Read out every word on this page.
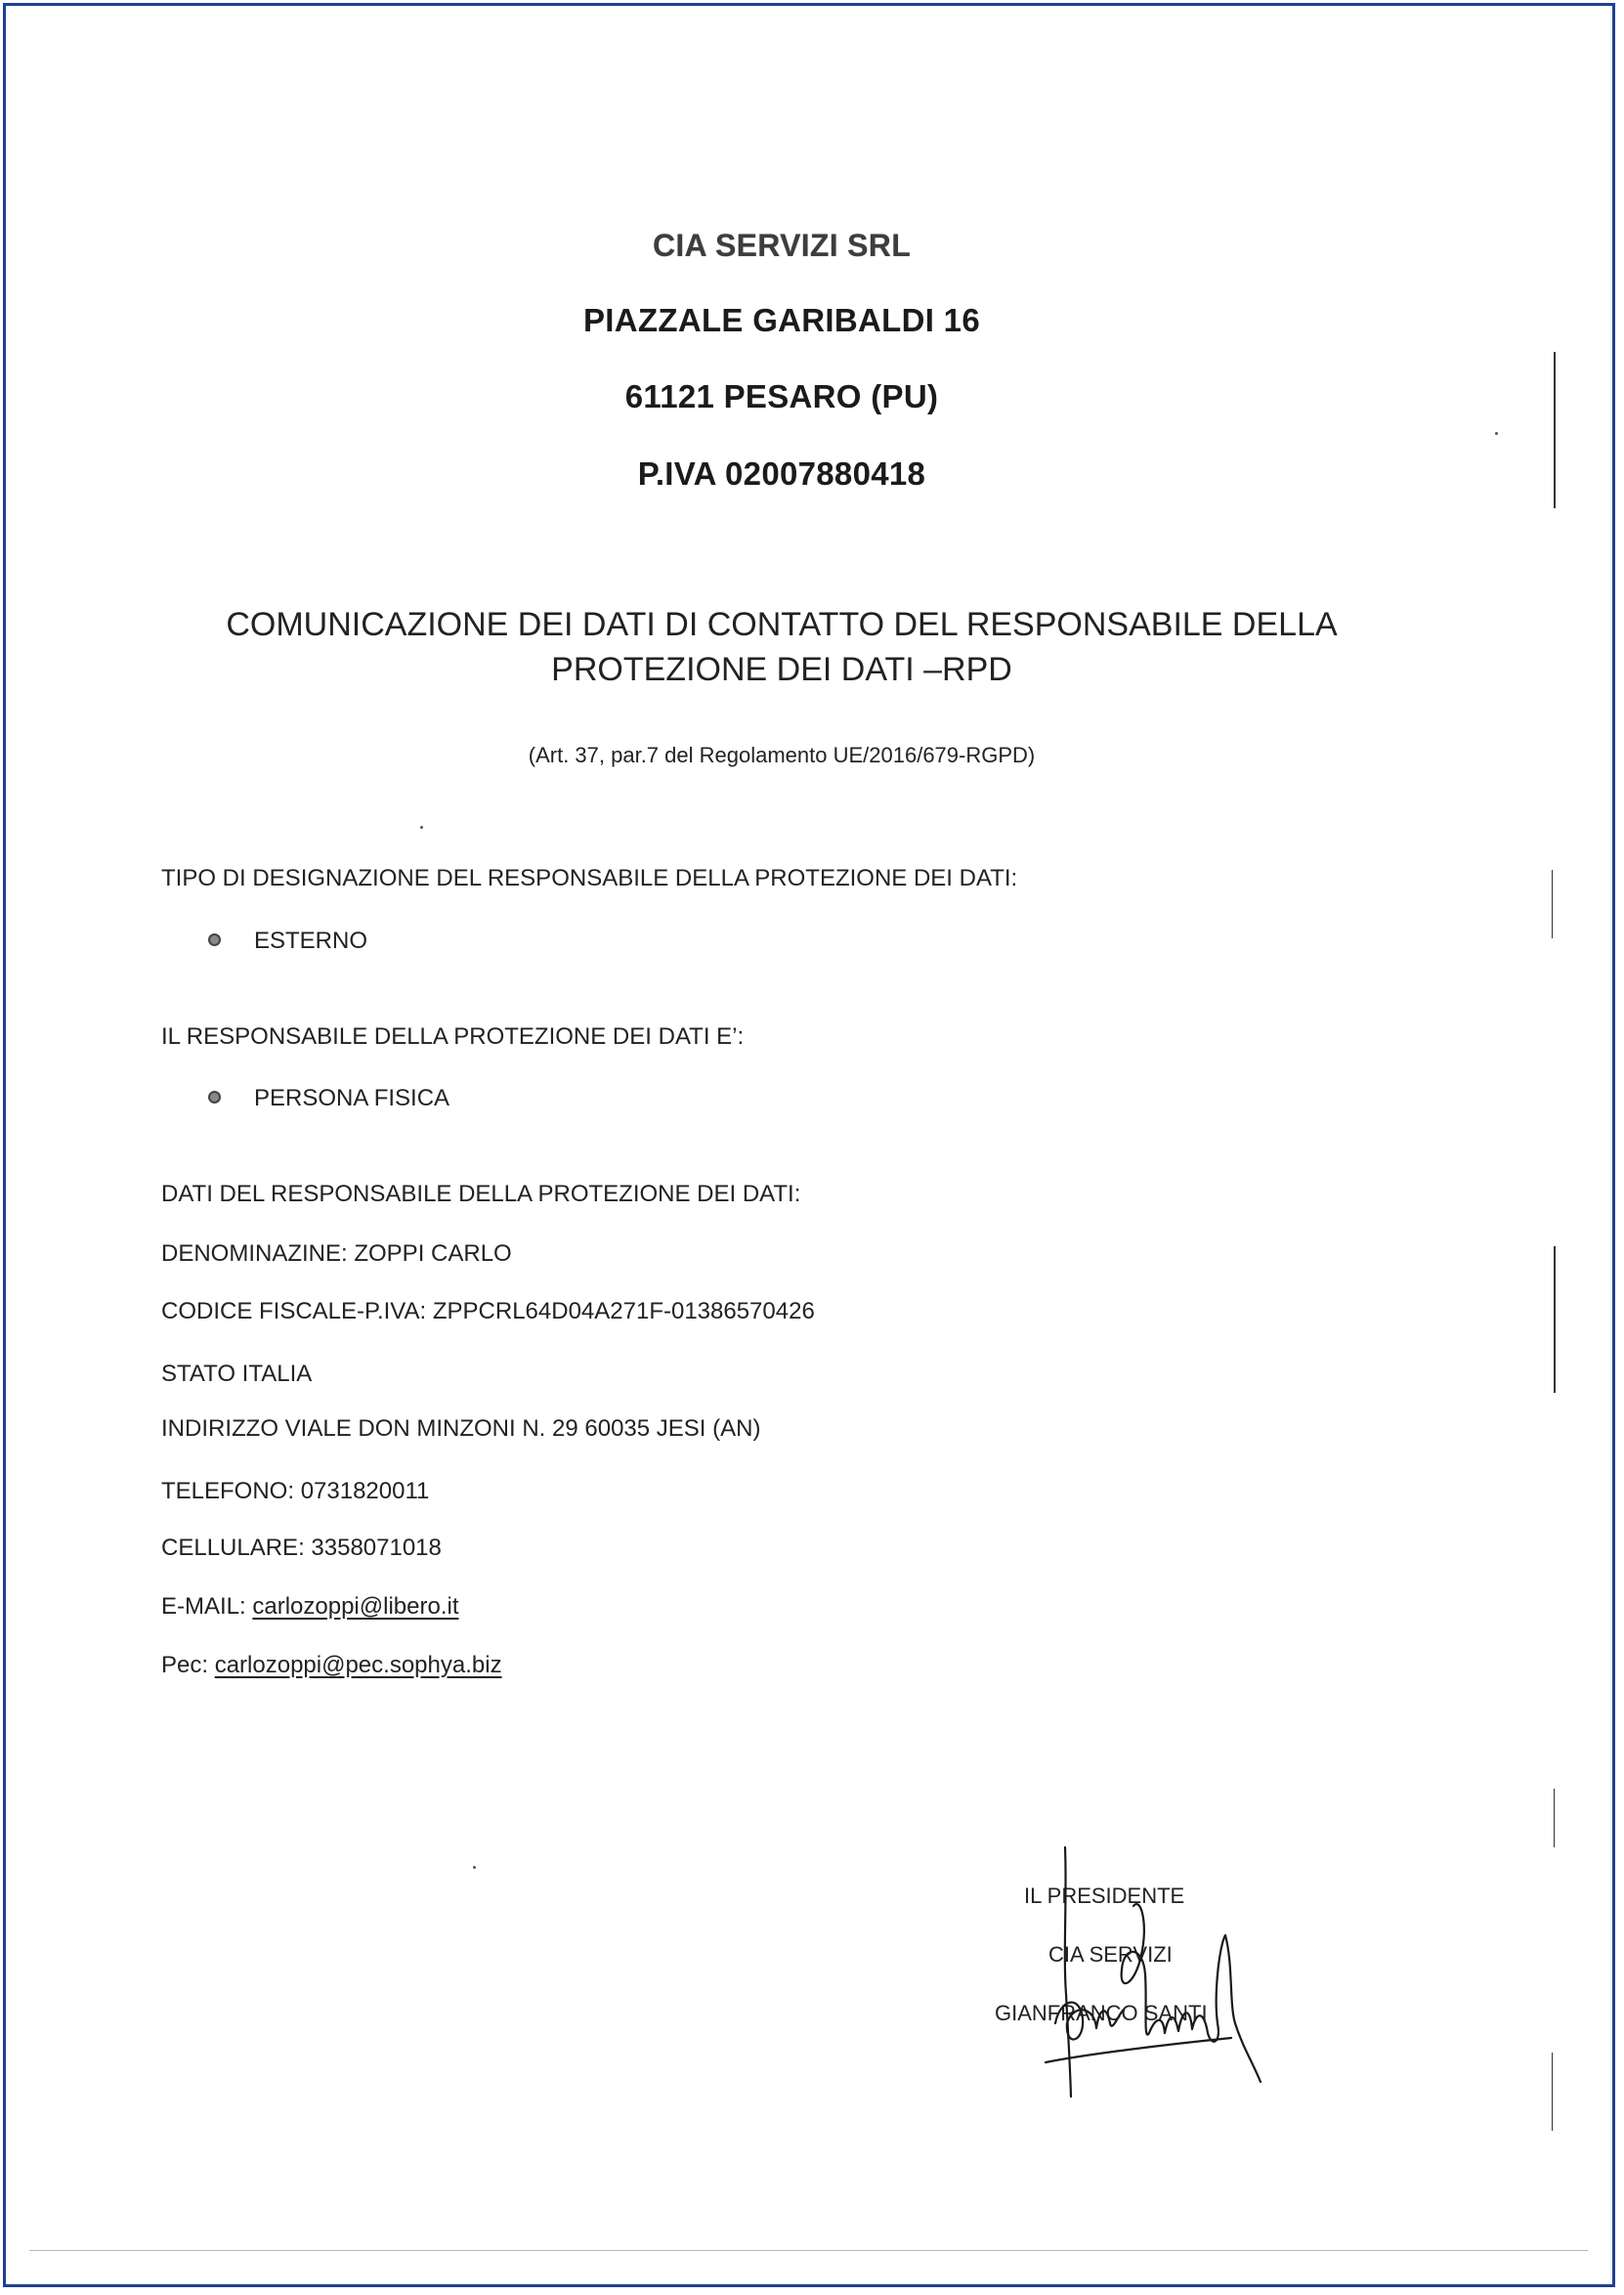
CIA SERVIZI SRL
PIAZZALE GARIBALDI 16
61121 PESARO (PU)
P.IVA 02007880418
COMUNICAZIONE DEI DATI DI CONTATTO DEL RESPONSABILE DELLA
PROTEZIONE DEI DATI –RPD
(Art. 37, par.7 del Regolamento UE/2016/679-RGPD)
TIPO DI DESIGNAZIONE DEL RESPONSABILE DELLA PROTEZIONE DEI DATI:
ESTERNO
IL RESPONSABILE DELLA PROTEZIONE DEI DATI E’:
PERSONA FISICA
DATI DEL RESPONSABILE DELLA PROTEZIONE DEI DATI:
DENOMINAZINE: ZOPPI CARLO
CODICE FISCALE-P.IVA: ZPPCRL64D04A271F-01386570426
STATO ITALIA
INDIRIZZO VIALE DON MINZONI N. 29 60035 JESI (AN)
TELEFONO: 0731820011
CELLULARE: 3358071018
E-MAIL: carlozoppi@libero.it
Pec: carlozoppi@pec.sophya.biz
IL PRESIDENTE
CIA SERVIZI
GIANFRANCO SANTI
